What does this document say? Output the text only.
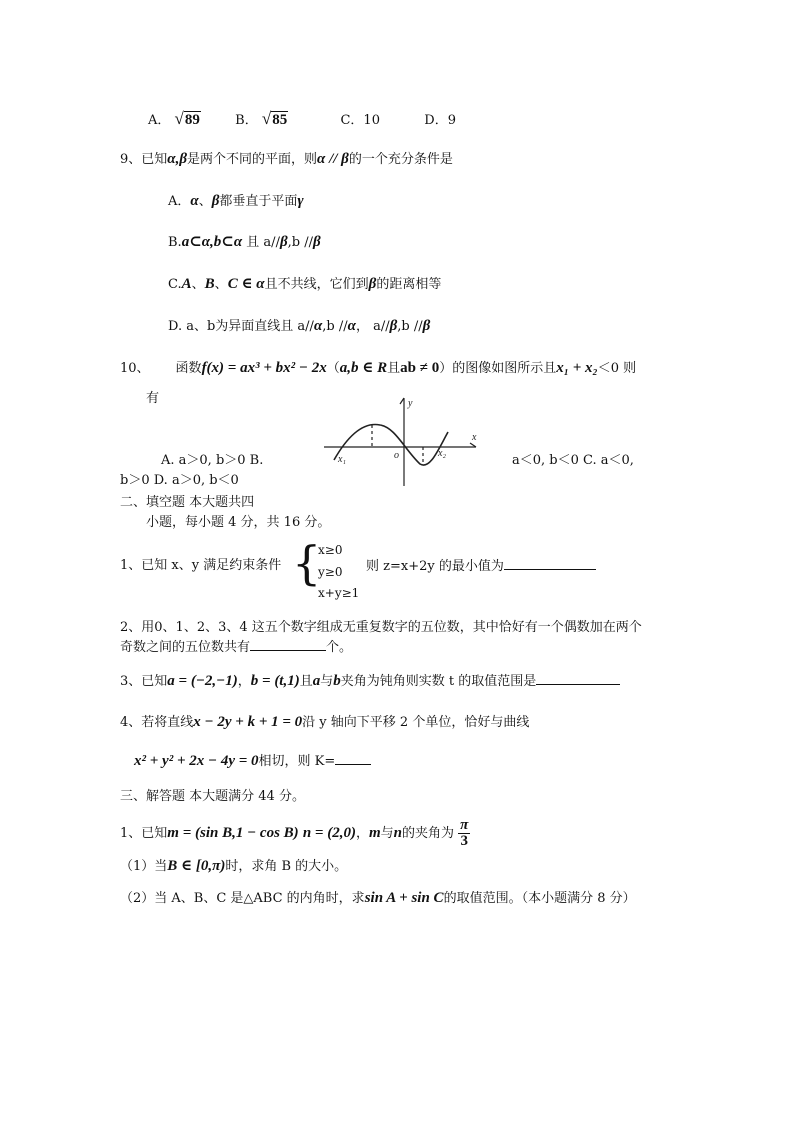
A． √89	B． √85	C．10	D．9
9、已知α,β是两个不同的平面，则α // β的一个充分条件是
A．α、β都垂直于平面γ
B.a⊂α,b⊂α 且 a//β,b //β
C.A、B、C ∈ α且不共线，它们到β的距离相等
D. a、b为异面直线且 a//α,b //α， a//β,b //β
10、 函数f(x) = ax³ + bx² − 2x（a,b ∈ R且ab ≠ 0）的图像如图所示且x₁ + x₂＜0 则
有
x
y
o
x₁
x₂
A. a＞0, b＞0 B.	a＜0, b＜0 C. a＜0,
b＞0 D. a＞0, b＜0
二、填空题 本大题共四
小题，每小题 4 分，共 16 分。
1、已知 x、y 满足约束条件 {
x≥0
y≥0
x+y≥1
则 z=x+2y 的最小值为
2、用0、1、2、3、4 这五个数字组成无重复数字的五位数，其中恰好有一个偶数加在两个
奇数之间的五位数共有	个。
3、已知a = (−2,−1)，b = (t,1)且a与b夹角为钝角则实数 t 的取值范围是
4、若将直线x − 2y + k + 1 = 0沿 y 轴向下平移 2 个单位，恰好与曲线
x² + y² + 2x − 4y = 0相切，则 K=
三、解答题 本大题满分 44 分。
1、已知m = (sin B,1 − cos B) n = (2,0)，m与n的夹角为 $\frac{\pi}{3}$
（1）当B ∈ [0,π)时，求角 B 的大小。
（2）当 A、B、C 是△ABC 的内角时，求sin A + sin C的取值范围。（本小题满分 8 分）
